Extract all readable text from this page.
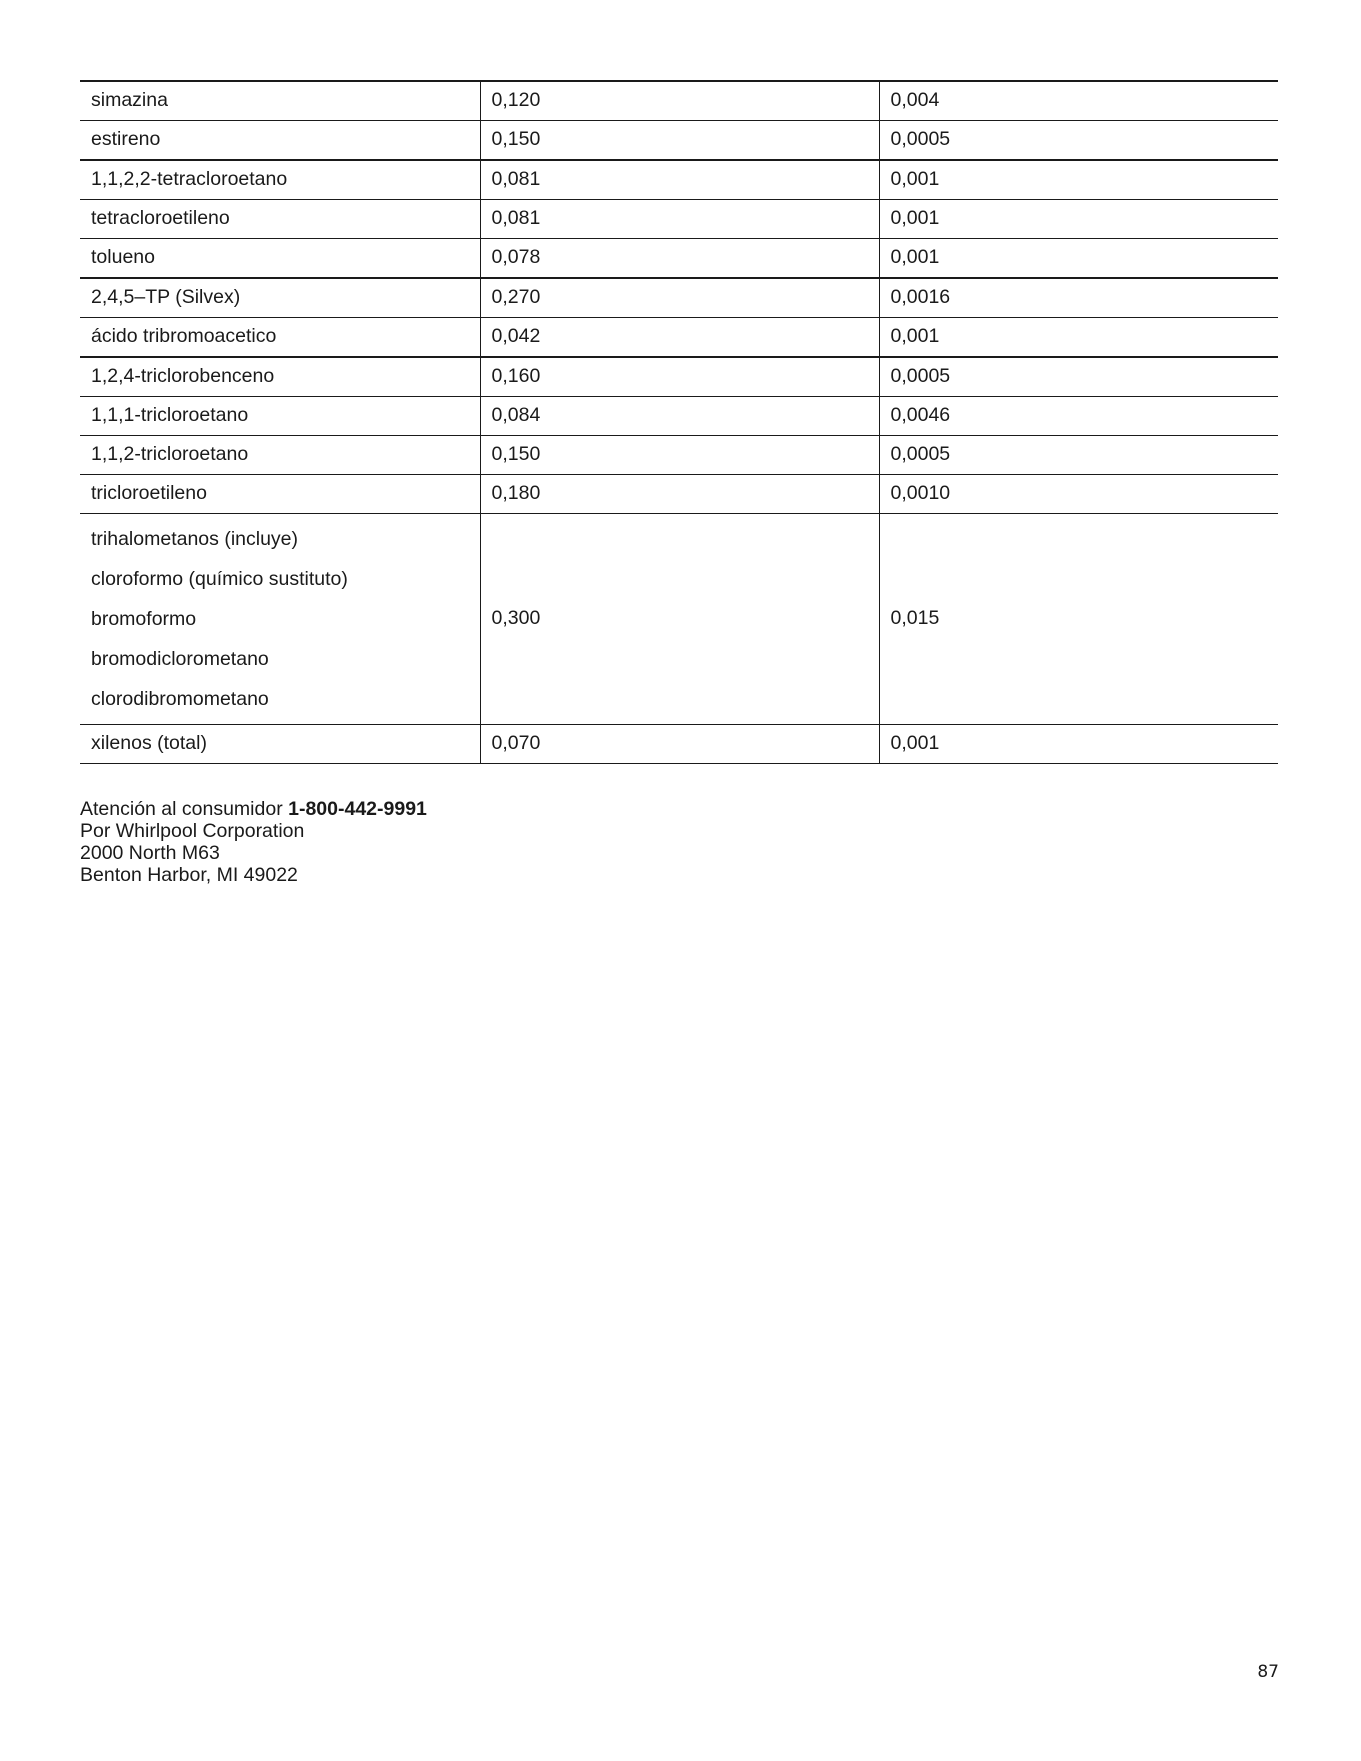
simazina	0,120	0,004
estireno	0,150	0,0005
1,1,2,2-tetracloroetano	0,081	0,001
tetracloroetileno	0,081	0,001
tolueno	0,078	0,001
2,4,5–TP (Silvex)	0,270	0,0016
ácido tribromoacetico	0,042	0,001
1,2,4-triclorobenceno	0,160	0,0005
1,1,1-tricloroetano	0,084	0,0046
1,1,2-tricloroetano	0,150	0,0005
tricloroetileno	0,180	0,0010

trihalometanos (incluye)
cloroformo (químico sustituto)
bromoformo
bromodiclorometano
clorodibromometano	0,300	0,015
xilenos (total)	0,070	0,001
Atención al consumidor 1-800-442-9991
Por Whirlpool Corporation
2000 North M63
Benton Harbor, MI 49022
87
